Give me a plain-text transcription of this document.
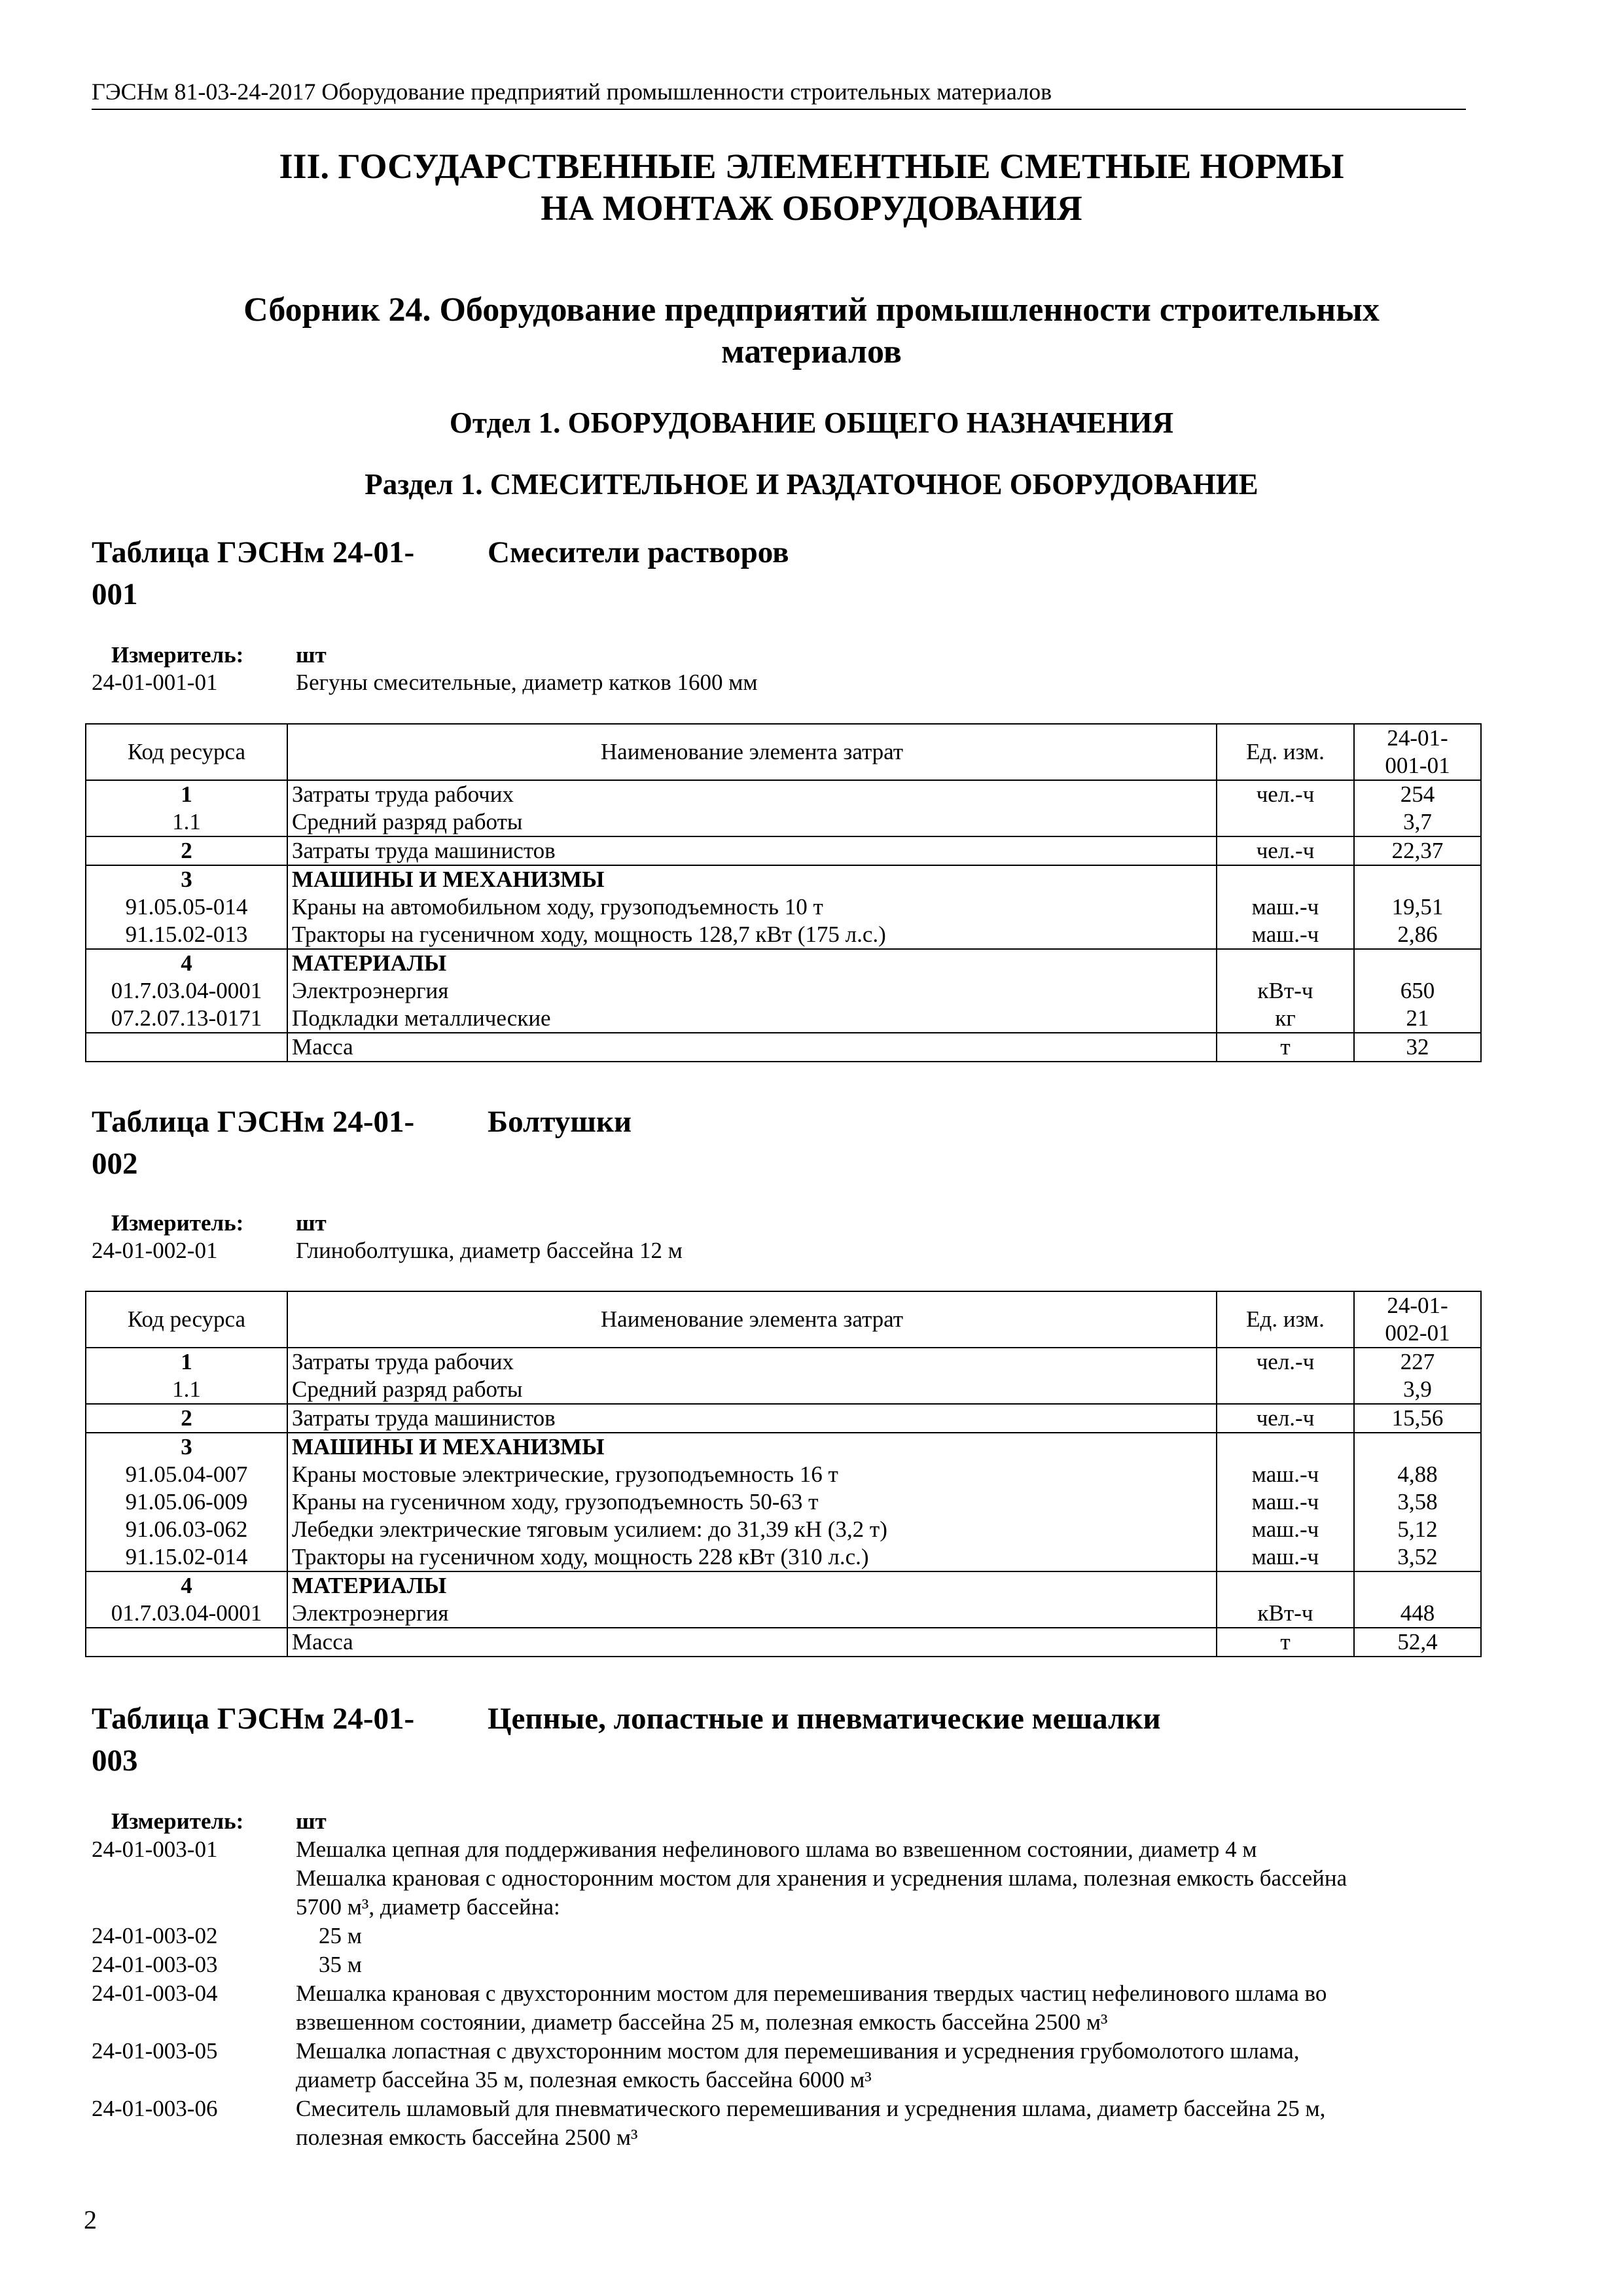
ГЭСНм 81-03-24-2017 Оборудование предприятий промышленности строительных материалов
III. ГОСУДАРСТВЕННЫЕ ЭЛЕМЕНТНЫЕ СМЕТНЫЕ НОРМЫ
НА МОНТАЖ ОБОРУДОВАНИЯ
Сборник 24. Оборудование предприятий промышленности строительных
материалов
Отдел 1. ОБОРУДОВАНИЕ ОБЩЕГО НАЗНАЧЕНИЯ
Раздел 1. СМЕСИТЕЛЬНОЕ И РАЗДАТОЧНОЕ ОБОРУДОВАНИЕ
Таблица ГЭСНм 24-01-
001
Смесители растворов
Измеритель: шт
24-01-001-01	Бегуны смесительные, диаметр катков 1600 мм
Код ресурса	Наименование элемента затрат	Ед. изм.	24-01-
001-01

1	Затраты труда рабочих	чел.-ч	254
1.1	Средний разряд работы		3,7
2	Затраты труда машинистов	чел.-ч	22,37
3	МАШИНЫ И МЕХАНИЗМЫ		
91.05.05-014	Краны на автомобильном ходу, грузоподъемность 10 т	маш.-ч	19,51
91.15.02-013	Тракторы на гусеничном ходу, мощность 128,7 кВт (175 л.с.)	маш.-ч	2,86
4	МАТЕРИАЛЫ		
01.7.03.04-0001	Электроэнергия	кВт-ч	650
07.2.07.13-0171	Подкладки металлические	кг	21
	Масса	т	32
Таблица ГЭСНм 24-01-
002
Болтушки
Измеритель: шт
24-01-002-01	Глиноболтушка, диаметр бассейна 12 м
Код ресурса	Наименование элемента затрат	Ед. изм.	24-01-
002-01

1	Затраты труда рабочих	чел.-ч	227
1.1	Средний разряд работы		3,9
2	Затраты труда машинистов	чел.-ч	15,56
3	МАШИНЫ И МЕХАНИЗМЫ		
91.05.04-007	Краны мостовые электрические, грузоподъемность 16 т	маш.-ч	4,88
91.05.06-009	Краны на гусеничном ходу, грузоподъемность 50-63 т	маш.-ч	3,58
91.06.03-062	Лебедки электрические тяговым усилием: до 31,39 кН (3,2 т)	маш.-ч	5,12
91.15.02-014	Тракторы на гусеничном ходу, мощность 228 кВт (310 л.с.)	маш.-ч	3,52
4	МАТЕРИАЛЫ		
01.7.03.04-0001	Электроэнергия	кВт-ч	448
	Масса	т	52,4
Таблица ГЭСНм 24-01-
003
Цепные, лопастные и пневматические мешалки
Измеритель: шт
24-01-003-01	Мешалка цепная для поддерживания нефелинового шлама во взвешенном состоянии, диаметр 4 м
Мешалка крановая с односторонним мостом для хранения и усреднения шлама, полезная емкость бассейна
5700 м³, диаметр бассейна:
24-01-003-02	25 м
24-01-003-03	35 м
24-01-003-04	Мешалка крановая с двухсторонним мостом для перемешивания твердых частиц нефелинового шлама во
взвешенном состоянии, диаметр бассейна 25 м, полезная емкость бассейна 2500 м³
24-01-003-05	Мешалка лопастная с двухсторонним мостом для перемешивания и усреднения грубомолотого шлама,
диаметр бассейна 35 м, полезная емкость бассейна 6000 м³
24-01-003-06	Смеситель шламовый для пневматического перемешивания и усреднения шлама, диаметр бассейна 25 м,
полезная емкость бассейна 2500 м³
2
